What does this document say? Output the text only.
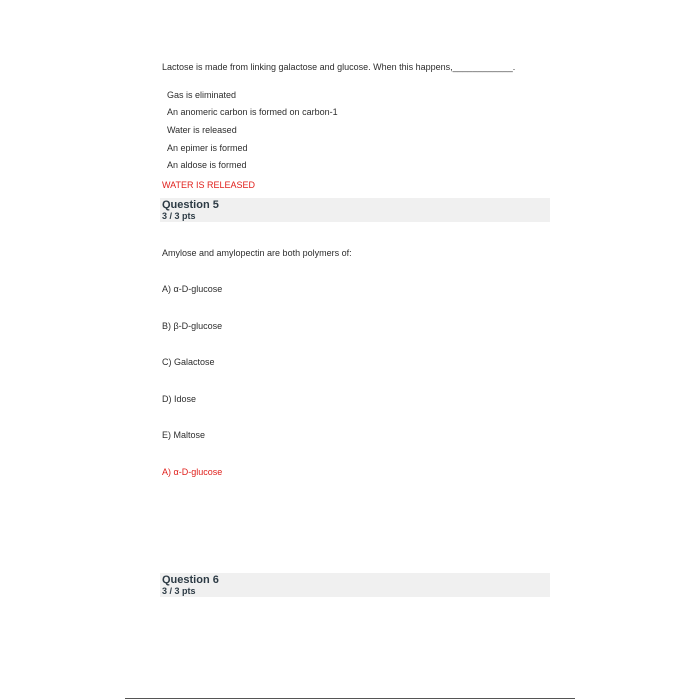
Lactose is made from linking galactose and glucose. When this happens,____________.
Gas is eliminated
An anomeric carbon is formed on carbon-1
Water is released
An epimer is formed
An aldose is formed
WATER IS RELEASED
Question 5
3 / 3 pts
Amylose and amylopectin are both polymers of:
A) α-D-glucose
B) β-D-glucose
C) Galactose
D) Idose
E) Maltose
A) α-D-glucose
Question 6
3 / 3 pts
